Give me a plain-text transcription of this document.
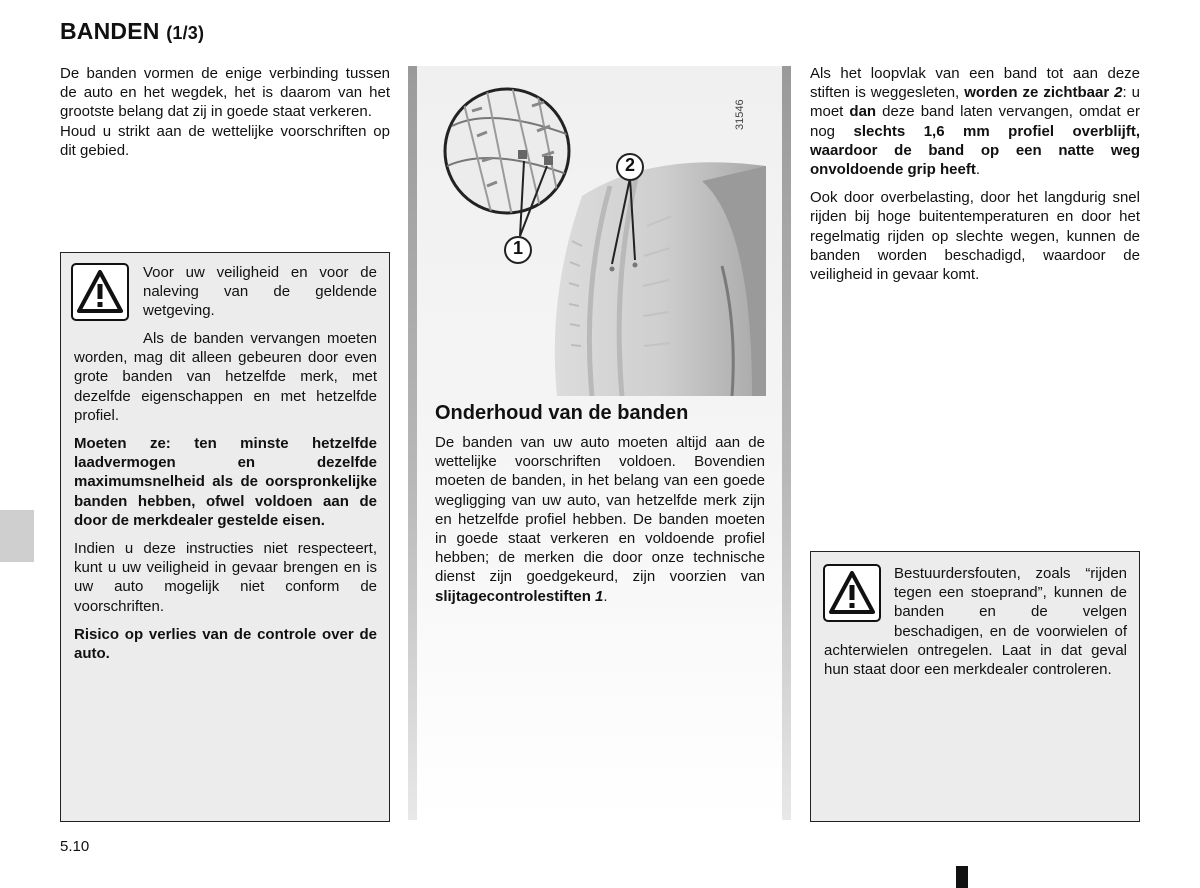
BANDEN (1/3)

De banden vormen de enige verbinding tussen de auto en het wegdek, het is daarom van het grootste belang dat zij in goede staat verkeren.

Houd u strikt aan de wettelijke voorschriften op dit gebied.

Voor uw veiligheid en voor de naleving van de geldende wetgeving.

Als de banden vervangen moeten worden, mag dit alleen gebeuren door even grote banden van hetzelfde merk, met dezelfde eigenschappen en met hetzelfde profiel.

Moeten ze: ten minste hetzelfde laadvermogen en dezelfde maximumsnelheid als de oorspronkelijke banden hebben, ofwel voldoen aan de door de merkdealer gestelde eisen.

Indien u deze instructies niet respecteert, kunt u uw veiligheid in gevaar brengen en is uw auto mogelijk niet conform de voorschriften.

Risico op verlies van de controle over de auto.

1
2
31546
Onderhoud van de banden
De banden van uw auto moeten altijd aan de wettelijke voorschriften voldoen. Bovendien moeten de banden, in het belang van een goede wegligging van uw auto, van hetzelfde merk zijn en hetzelfde profiel hebben. De banden moeten in goede staat verkeren en voldoende profiel hebben; de merken die door onze technische dienst zijn goedgekeurd, zijn voorzien van slijtagecontrolestiften 1.

Als het loopvlak van een band tot aan deze stiften is weggesleten, worden ze zichtbaar 2: u moet dan deze band laten vervangen, omdat er nog slechts 1,6 mm profiel overblijft, waardoor de band op een natte weg onvoldoende grip heeft.

Ook door overbelasting, door het langdurig snel rijden bij hoge buitentemperaturen en door het regelmatig rijden op slechte wegen, kunnen de banden worden beschadigd, waardoor de veiligheid in gevaar komt.

Bestuurdersfouten, zoals “rijden tegen een stoeprand”, kunnen de banden en de velgen beschadigen, en de voorwielen of achterwielen ontregelen. Laat in dat geval hun staat door een merkdealer controleren.
5.10
